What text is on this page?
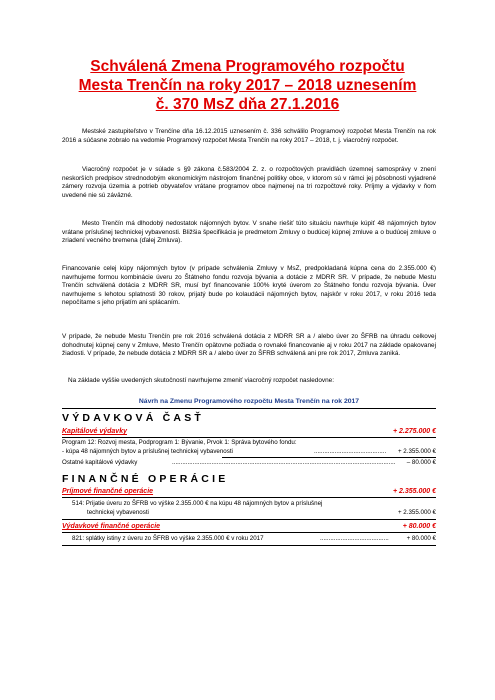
Schválená Zmena Programového rozpočtu
Mesta Trenčín na roky 2017 – 2018 uznesením
č. 370 MsZ dňa 27.1.2016
Mestské zastupiteľstvo v Trenčíne dňa 16.12.2015 uznesením č. 336 schválilo Programový rozpočet Mesta Trenčín na rok 2016 a súčasne zobralo na vedomie Programový rozpočet Mesta Trenčín na roky 2017 – 2018, t. j. viacročný rozpočet.
Viacročný rozpočet je v súlade s §9 zákona č.583/2004 Z. z. o rozpočtových pravidlách územnej samosprávy v znení neskorších predpisov strednodobým ekonomickým nástrojom finančnej politiky obce, v ktorom sú v rámci jej pôsobnosti vyjadrené zámery rozvoja územia a potrieb obyvateľov vrátane programov obce najmenej na tri rozpočtové roky. Príjmy a výdavky v ňom uvedené nie sú záväzné.
Mesto Trenčín má dlhodobý nedostatok nájomných bytov. V snahe riešiť túto situáciu navrhuje kúpiť 48 nájomných bytov vrátane príslušnej technickej vybavenosti. Bližšia špecifikácia je predmetom Zmluvy o budúcej kúpnej zmluve a o budúcej zmluve o zriadení vecného bremena (ďalej Zmluva).
Financovanie celej kúpy nájomných bytov (v prípade schválenia Zmluvy v MsZ, predpokladaná kúpna cena do 2.355.000 €) navrhujeme formou kombinácie úveru zo Štátneho fondu rozvoja bývania a dotácie z MDRR SR. V prípade, že nebude Mestu Trenčín schválená dotácia z MDRR SR, musí byť financovanie 100% kryté úverom zo Štátneho fondu rozvoja bývania. Úver navrhujeme s lehotou splatnosti 30 rokov, prijatý bude po kolaudácii nájomných bytov, najskôr v roku 2017, v roku 2016 teda nepočítame s jeho prijatím ani splácaním.
V prípade, že nebude Mestu Trenčín pre rok 2016 schválená dotácia z MDRR SR a / alebo úver zo ŠFRB na úhradu celkovej dohodnutej kúpnej ceny v Zmluve, Mesto Trenčín opätovne požiada o rovnaké financovanie aj v roku 2017 na základe opakovanej žiadosti. V prípade, že nebude dotácia z MDRR SR a / alebo úver zo ŠFRB schválená ani pre rok 2017, Zmluva zaniká.
Na základe vyššie uvedených skutočností navrhujeme zmeniť viacročný rozpočet nasledovne:
Návrh na Zmenu Programového rozpočtu Mesta Trenčín na rok 2017
VÝDAVKOVÁ ČASŤ
Kapitálové výdavky	+ 2.275.000 €
Program 12: Rozvoj mesta, Podprogram 1: Bývanie, Prvok 1: Správa bytového fondu:
- kúpa 48 nájomných bytov a príslušnej technickej vybavenosti	.......................................... + 2.355.000 €
Ostatné kapitálové výdavky	.................................................................................................................................. – 80.000 €
FINANČNÉ OPERÁCIE
Príjmové finančné operácie	+ 2.355.000 €
514: Prijatie úveru zo ŠFRB vo výške 2.355.000 € na kúpu 48 nájomných bytov a príslušnej
technickej vybavenosti	+ 2.355.000 €
Výdavkové finančné operácie	+ 80.000 €
821: splátky istiny z úveru zo ŠFRB vo výške 2.355.000 € v roku 2017	........................................	+ 80.000 €
